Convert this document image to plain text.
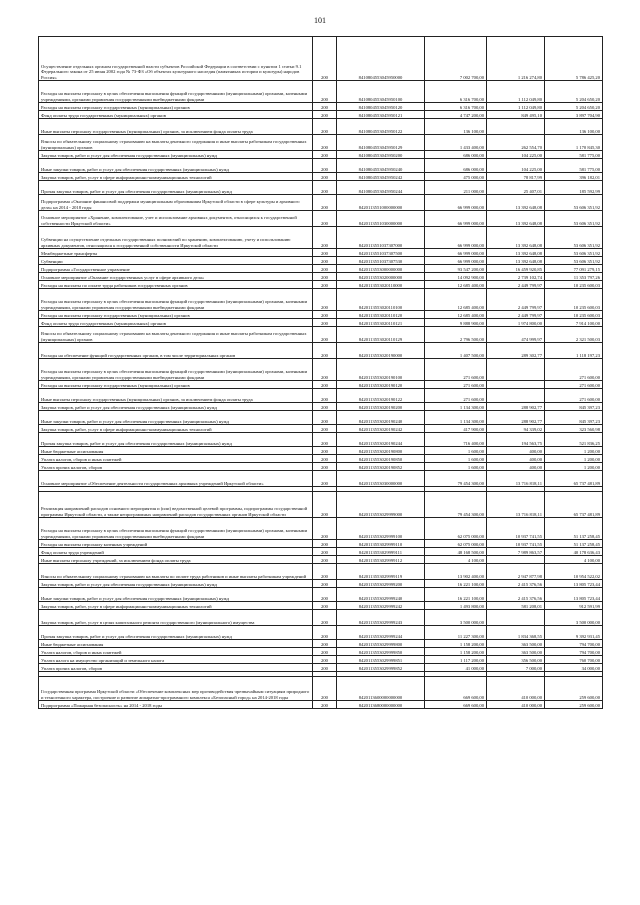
101
Осуществление отдельных органом государственной власти субъектов Российской Федерации в соответствии с пунктом 1 статьи 9.1 Федерального закона от 25 июня 2002 года № 73-ФЗ «Об объектах культурного наследия (памятниках истории и культуры) народов Россия»	200	8410804553045950000	7 002 700,00	1 216 274,80	5 786 425,20
Расходы на выплаты персоналу в целях обеспечения выполнения функций государственными (муниципальными) органами, казенными учреждениями, органами управления государственными внебюджетными фондами	200	8410804553045950100	6 316 700,00	1 112 049,80	5 204 650,20
Расходы на выплаты персоналу государственных (муниципальных) органов	200	8410804553045950120	6 316 700,00	1 112 049,80	5 204 650,20
Фонд оплаты труда государственных (муниципальных) органов	200	8410804553045950121	4 747 200,00	849 495,10	3 897 704,90
Иные выплаты персоналу государственных (муниципальных) органов, за исключением фонда оплаты труда	200	8410804553045950122	136 100,00		136 100,00
Взносы по обязательному социальному страхованию на выплаты денежного содержания и иные выплаты работникам государственных (муниципальных) органов	200	8410804553045950129	1 433 400,00	262 554,70	1 170 845,30
Закупка товаров, работ и услуг для обеспечения государственных (муниципальных) нужд	200	8410804553045950200	686 000,00	104 225,00	581 775,00
Иные закупки товаров, работ и услуг для обеспечения государственных (муниципальных) нужд	200	8410804553045950240	686 000,00	104 225,00	581 775,00
Закупка товаров, работ, услуг в сфере информационно-коммуникационных технологий	200	8410804553045950242	475 000,00	78 817,99	396 182,01
Прочая закупка товаров, работ и услуг для обеспечения государственных (муниципальных) нужд	200	8410804553045950244	211 000,00	25 407,01	185 592,99
Подпрограмма «Оказание финансовой поддержки муниципальным образованиям Иркутской области в сфере культуры и архивного дела» на 2014 - 2018 годы	200	8420113551000000000	66 999 000,00	13 392 648,08	53 606 351,92
Основное мероприятие «Хранение, комплектование, учет и использование архивных документов, относящихся к государственной собственности Иркутской области»	200	8420113551030000000	66 999 000,00	13 392 648,08	53 606 351,92
Субвенции на осуществление отдельных государственных полномочий по хранению, комплектованию, учету и использованию архивных документов, относящихся к государственной собственности Иркутской области	200	8420113551037307000	66 999 000,00	13 392 648,08	53 606 351,92
Межбюджетные трансферты	200	8420113551037307500	66 999 000,00	13 392 648,08	53 606 351,92
Субвенции	200	8420113551037307530	66 999 000,00	13 392 648,08	53 606 351,92
Подпрограмма «Государственное управление	200	8420113553000000000	93 547 200,00	16 459 920,85	77 091 279,15
Основное мероприятие «Оказание государственных услуг в сфере архивного дела»	200	8420113553020000000	14 092 900,00	2 739 102,74	11 353 797,26
Расходы на выплаты по оплате труда работников государственных органов	200	8420113553020110000	12 685 400,00	2 449 799,97	10 235 600,03
Расходы на выплаты персоналу в целях обеспечения выполнения функций государственными (муниципальными) органами, казенными учреждениями, органами управления государственными внебюджетными фондами	200	8420113553020110100	12 685 400,00	2 449 799,97	10 235 600,03
Расходы на выплаты персоналу государственных (муниципальных) органов	200	8420113553020110120	12 685 400,00	2 449 799,97	10 235 600,03
Фонд оплаты труда государственных (муниципальных) органов	200	8420113553020110121	9 888 900,00	1 974 800,00	7 914 100,00
Взносы по обязательному социальному страхованию на выплаты денежного содержания и иные выплаты работникам государственных (муниципальных) органов	200	8420113553020110129	2 796 500,00	474 999,97	2 321 500,03
Расходы на обеспечение функций государственных органов, в том числе территориальных органов	200	8420113553020190000	1 407 500,00	289 302,77	1 118 197,23
Расходы на выплаты персоналу в целях обеспечения выполнения функций государственными (муниципальными) органами, казенными учреждениями, органами управления государственными внебюджетными фондами	200	8420113553020190100	271 600,00		271 600,00
Расходы на выплаты персоналу государственных (муниципальных) органов	200	8420113553020190120	271 600,00		271 600,00
Иные выплаты персоналу государственных (муниципальных) органов, за исключением фонда оплаты труда	200	8420113553020190122	271 600,00		271 600,00
Закупка товаров, работ и услуг для обеспечения государственных (муниципальных) нужд	200	8420113553020190200	1 134 300,00	288 902,77	845 397,23
Иные закупки товаров, работ и услуг для обеспечения государственных (муниципальных) нужд	200	8420113553020190240	1 134 300,00	288 902,77	845 397,23
Закупка товаров, работ, услуг в сфере информационно-коммуникационных технологий	200	8420113553020190242	417 900,00	94 339,02	323 560,98
Прочая закупка товаров, работ и услуг для обеспечения государственных (муниципальных) нужд	200	8420113553020190244	716 400,00	194 563,75	521 836,25
Иные бюджетные ассигнования	200	8420113553020190800	1 600,00	400,00	1 200,00
Уплата налогов, сборов и иных платежей	200	8420113553020190850	1 600,00	400,00	1 200,00
Уплата прочих налогов, сборов	200	8420113553020190852	1 600,00	400,00	1 200,00
Основное мероприятие «Обеспечение деятельности государственных архивных учреждений Иркутской области»	200	8420113553030000000	79 454 300,00	13 716 818,11	65 737 481,89

Реализация направлений расходов основного мероприятия и (или) ведомственной целевой программы, подпрограммы государственной программы Иркутской области, а также непрограммных направлений расходов государственных органов Иркутской области	200	8420113553029999000	79 454 300,00	13 716 818,11	65 737 481,89
Расходы на выплаты персоналу в целях обеспечения выполнения функций государственными (муниципальными) органами, казенными учреждениями, органами управления государственными внебюджетными фондами	200	8420113553029999100	62 075 000,00	10 937 741,55	51 137 258,45
Расходы на выплаты персоналу казенных учреждений	200	8420113553029999110	62 075 000,00	10 937 741,55	51 137 258,45
Фонд оплаты труда учреждений	200	8420113553029999111	48 168 500,00	7 989 863,57	40 178 636,43
Иные выплаты персоналу учреждений, за исключением фонда оплаты труда	200	8420113553029999112	4 100,00		4 100,00
Взносы по обязательному социальному страхованию на выплаты по оплате труда работников и иные выплаты работникам учреждений	200	8420113553029999119	13 902 400,00	2 947 877,98	10 954 522,02
Закупка товаров, работ и услуг для обеспечения государственных (муниципальных) нужд	200	8420113553029999200	16 221 100,00	2 415 376,56	13 805 723,44
Иные закупки товаров, работ и услуг для обеспечения государственных (муниципальных) нужд	200	8420113553029999240	16 221 100,00	2 415 376,56	13 805 723,44
Закупка товаров, работ, услуг в сфере информационно-коммуникационных технологий	200	8420113553029999242	1 493 800,00	581 208,01	912 591,99
Закупка товаров, работ, услуг в целях капитального ремонта государственного (муниципального) имущества	200	8420113553029999243	3 500 000,00		3 500 000,00
Прочая закупка товаров, работ и услуг для обеспечения государственных (муниципальных) нужд	200	8420113553029999244	11 227 300,00	1 834 368,55	9 392 931,45
Иные бюджетные ассигнования	200	8420113553029999800	1 158 200,00	363 500,00	794 700,00
Уплата налогов, сборов и иных платежей	200	8420113553029999850	1 158 200,00	363 500,00	794 700,00
Уплата налога на имущество организаций и земельного налога	200	8420113553029999851	1 117 200,00	356 500,00	760 700,00
Уплата прочих налогов, сборов	200	8420113553029999852	41 000,00	7 000,00	34 000,00

Государственная программа Иркутской области «Обеспечение комплексных мер противодействия чрезвычайным ситуациям природного и техногенного характера, построение и развитие аппаратно-программного комплекса «Безопасный город» на 2014-2018 годы	200	8420113600000000000	669 600,00	410 000,00	259 600,00
Подпрограмма «Пожарная безопасность» на 2014 - 2018 годы	200	8420113680000000000	669 600,00	410 000,00	259 600,00
